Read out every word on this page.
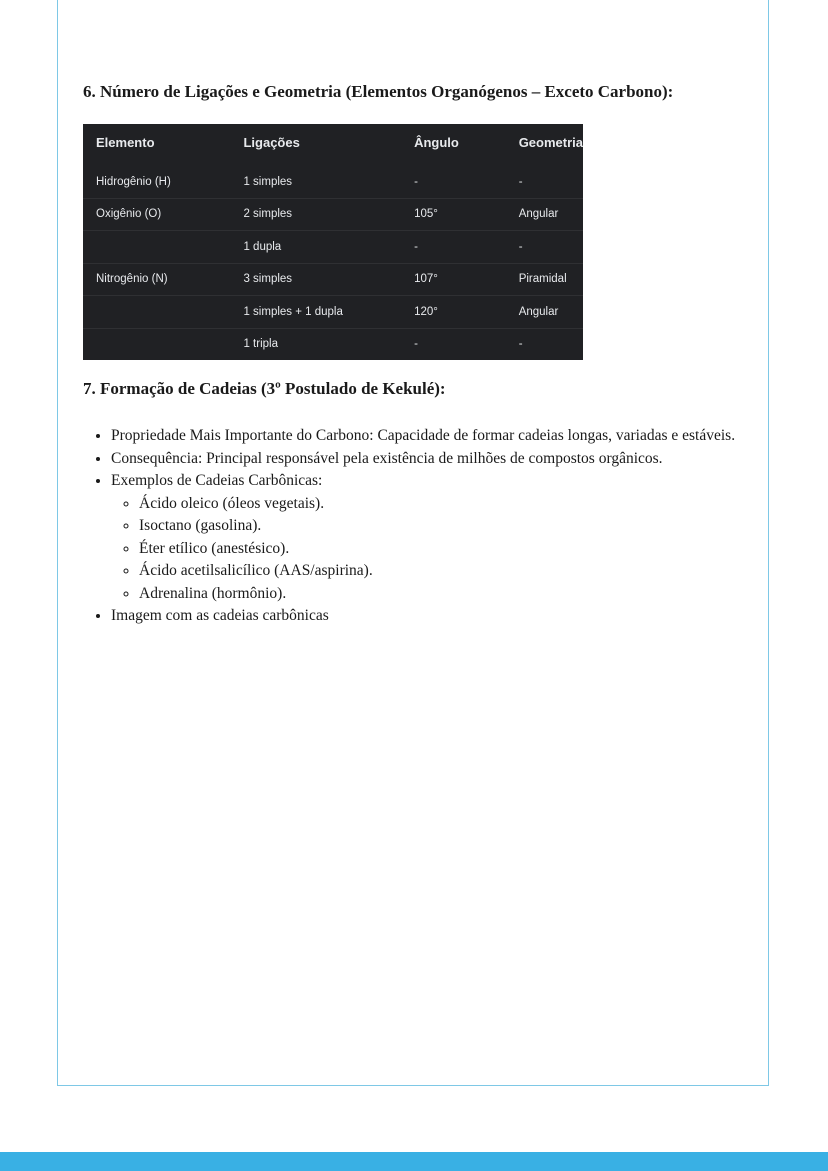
6. Número de Ligações e Geometria (Elementos Organógenos – Exceto Carbono):
Elemento	Ligações	Ângulo	Geometria
Hidrogênio (H)	1 simples	-	-
Oxigênio (O)	2 simples	105°	Angular
	1 dupla	-	-
Nitrogênio (N)	3 simples	107°	Piramidal
	1 simples + 1 dupla	120°	Angular
	1 tripla	-	-
7. Formação de Cadeias (3º Postulado de Kekulé):
• Propriedade Mais Importante do Carbono: Capacidade de formar cadeias longas, variadas e estáveis.
• Consequência: Principal responsável pela existência de milhões de compostos orgânicos.
• Exemplos de Cadeias Carbônicas:
◦ Ácido oleico (óleos vegetais).
◦ Isoctano (gasolina).
◦ Éter etílico (anestésico).
◦ Ácido acetilsalicílico (AAS/aspirina).
◦ Adrenalina (hormônio).
• Imagem com as cadeias carbônicas
